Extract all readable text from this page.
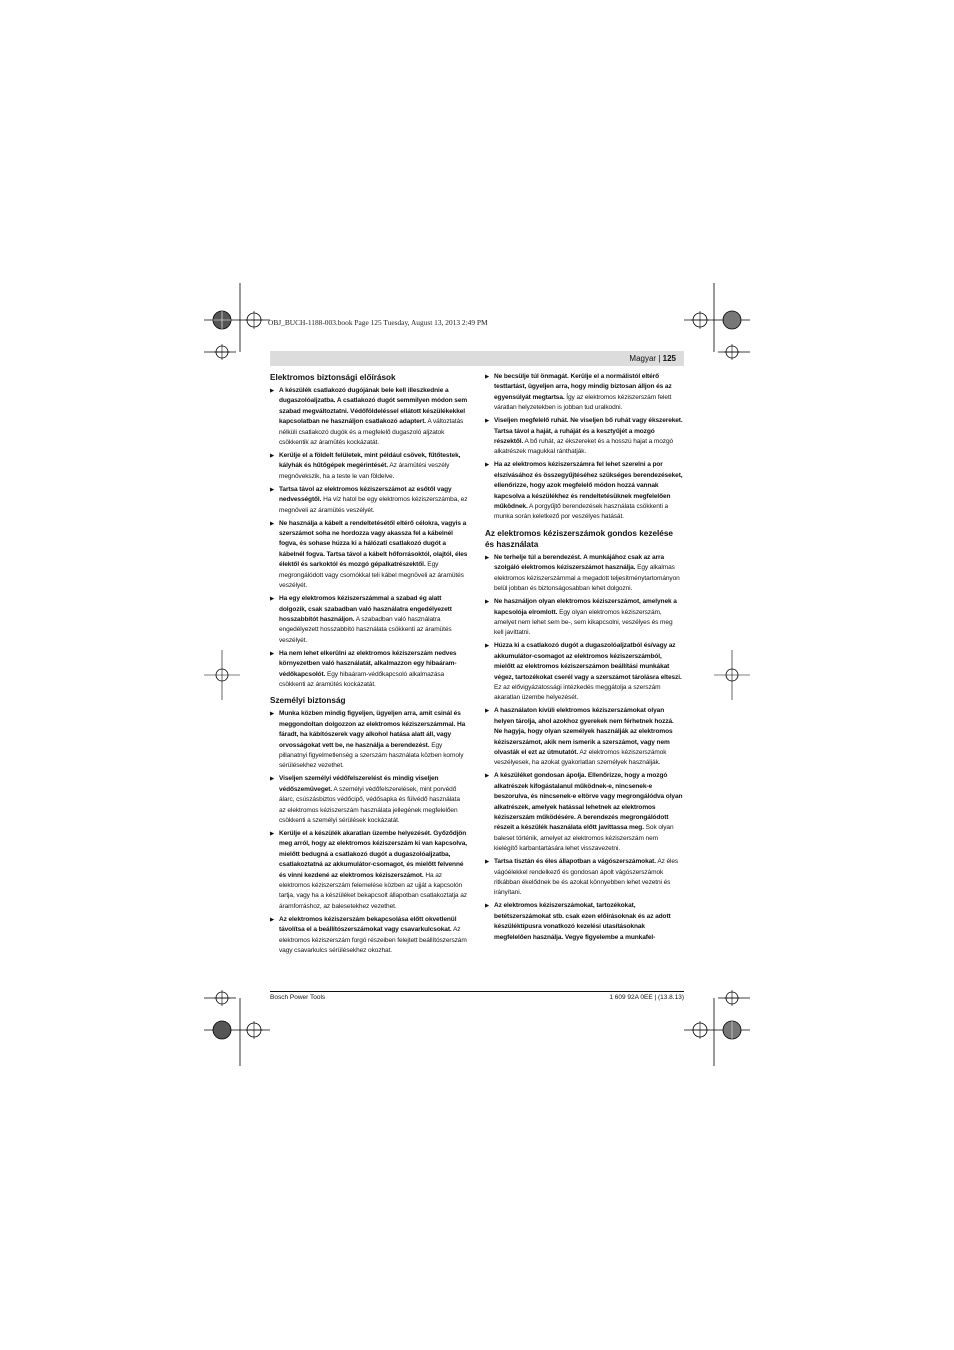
OBJ_BUCH-1188-003.book Page 125 Tuesday, August 13, 2013 2:49 PM
Magyar | 125
Elektromos biztonsági előírások
▶ A készülék csatlakozó dugójának bele kell illeszkednie a dugaszolóaljzatba. A csatlakozó dugót semmilyen módon sem szabad megváltoztatni. Védőföldeléssel ellátott készülékekkel kapcsolatban ne használjon csatlakozó adaptert. A változtatás nélküli csatlakozó dugók és a megfelelő dugaszoló aljzatok csökkentik az áramütés kockázatát.
▶ Kerülje el a földelt felületek, mint például csövek, fűtőtestek, kályhák és hűtőgépek megérintését. Az áramütési veszély megnövekszik, ha a teste le van földelve.
▶ Tartsa távol az elektromos kéziszerszámot az esőtől vagy nedvességtől. Ha víz hatol be egy elektromos kéziszerszámba, ez megnöveli az áramütés veszélyét.
▶ Ne használja a kábelt a rendeltetésétől eltérő célokra, vagyis a szerszámot soha ne hordozza vagy akassza fel a kábelnél fogva, és sohase húzza ki a hálózati csatlakozó dugót a kábelnél fogva. Tartsa távol a kábelt hőforrásoktól, olajtól, éles élektől és sarkoktól és mozgó gépalkatrészektől. Egy megrongálódott vagy csomókkal teli kábel megnöveli az áramütés veszélyét.
▶ Ha egy elektromos kéziszerszámmal a szabad ég alatt dolgozik, csak szabadban való használatra engedélyezett hosszabbítót használjon. A szabadban való használatra engedélyezett hosszabbító használata csökkenti az áramütés veszélyét.
▶ Ha nem lehet elkerülni az elektromos kéziszerszám nedves környezetben való használatát, alkalmazzon egy hibaáram-védőkapcsolót. Egy hibaáram-védőkapcsoló alkalmazása csökkenti az áramütés kockázatát.
Személyi biztonság
▶ Munka közben mindig figyeljen, ügyeljen arra, amit csinál és meggondoltan dolgozzon az elektromos kéziszerszámmal. Ha fáradt, ha kábítószerek vagy alkohol hatása alatt áll, vagy orvosságokat vett be, ne használja a berendezést. Egy pillanatnyi figyelmetlenség a szerszám használata közben komoly sérülésekhez vezethet.
▶ Viseljen személyi védőfelszerelést és mindig viseljen védőszemüveget. A személyi védőfelszerelések, mint porvédő álarc, csúszásbiztos védőcipő, védősapka és fülvédő használata az elektromos kéziszerszám használata jellegének megfelelően csökkenti a személyi sérülések kockázatát.
▶ Kerülje el a készülék akaratlan üzembe helyezését. Győződjön meg arról, hogy az elektromos kéziszerszám ki van kapcsolva, mielőtt bedugná a csatlakozó dugót a dugaszolóaljzatba, csatlakoztatná az akkumulátor-csomagot, és mielőtt felvenné és vinni kezdené az elektromos kéziszerszámot. Ha az elektromos kéziszerszám felemelése közben az ujját a kapcsolón tartja, vagy ha a készüléket bekapcsolt állapotban csatlakoztatja az áramforráshoz, az balesetekhez vezethet.
▶ Az elektromos kéziszerszám bekapcsolása előtt okvetlenül távolítsa el a beállítószerszámokat vagy csavarkulcsokat. Az elektromos kéziszerszám forgó részeiben felejtett beállítószerszám vagy csavarkulcs sérülésekhez okozhat.
▶ Ne becsülje túl önmagát. Kerülje el a normálistól eltérő testtartást, ügyeljen arra, hogy mindig biztosan álljon és az egyensúlyát megtartsa. Így az elektromos kéziszerszám felett váratlan helyzetekben is jobban tud uralkodni.
▶ Viseljen megfelelő ruhát. Ne viseljen bő ruhát vagy ékszereket. Tartsa távol a haját, a ruháját és a kesztyűjét a mozgó részektől. A bő ruhát, az ékszereket és a hosszú hajat a mozgó alkatrészek magukkal ránthatják.
▶ Ha az elektromos kéziszerszámra fel lehet szerelni a por elszívásához és összegyűjtéséhez szükséges berendezéseket, ellenőrizze, hogy azok megfelelő módon hozzá vannak kapcsolva a készülékhez és rendeltetésüknek megfelelően működnek. A porgyűjtő berendezések használata csökkenti a munka során keletkező por veszélyes hatását.
Az elektromos kéziszerszámok gondos kezelése és használata
▶ Ne terhelje túl a berendezést. A munkájához csak az arra szolgáló elektromos kéziszerszámot használja. Egy alkalmas elektromos kéziszerszámmal a megadott teljesítménytartományon belül jobban és biztonságosabban lehet dolgozni.
▶ Ne használjon olyan elektromos kéziszerszámot, amelynek a kapcsolója elromlott. Egy olyan elektromos kéziszerszám, amelyet nem lehet sem be-, sem kikapcsolni, veszélyes és meg kell javíttatni.
▶ Húzza ki a csatlakozó dugót a dugaszolóaljzatból és/vagy az akkumulátor-csomagot az elektromos kéziszerszámból, mielőtt az elektromos kéziszerszámon beállítási munkákat végez, tartozékokat cserél vagy a szerszámot tárolásra elteszi. Ez az elővigyázatossági intézkedés meggátolja a szerszám akaratlan üzembe helyezését.
▶ A használaton kívüli elektromos kéziszerszámokat olyan helyen tárolja, ahol azokhoz gyerekek nem férhetnek hozzá. Ne hagyja, hogy olyan személyek használják az elektromos kéziszerszámot, akik nem ismerik a szerszámot, vagy nem olvasták el ezt az útmutatót. Az elektromos kéziszerszámok veszélyesek, ha azokat gyakorlatlan személyek használják.
▶ A készüléket gondosan ápolja. Ellenőrizze, hogy a mozgó alkatrészek kifogástalanul működnek-e, nincsenek-e beszorulva, és nincsenek-e eltörve vagy megrongálódva olyan alkatrészek, amelyek hatással lehetnek az elektromos kéziszerszám működésére. A berendezés megrongálódott részeit a készülék használata előtt javíttassa meg. Sok olyan baleset történik, amelyet az elektromos kéziszerszám nem kielégítő karbantartására lehet visszavezetni.
▶ Tartsa tisztán és éles állapotban a vágószerszámokat. Az éles vágóélekkel rendelkező és gondosan ápolt vágószerszámok ritkábban ékelődnek be és azokat könnyebben lehet vezetni és irányítani.
▶ Az elektromos kéziszerszámokat, tartozékokat, betétszerszámokat stb. csak ezen előírásoknak és az adott készüléktípusra vonatkozó kezelési utasításoknak megfelelően használja. Vegye figyelembe a munkafel-
Bosch Power Tools	1 609 92A 0EE | (13.8.13)
